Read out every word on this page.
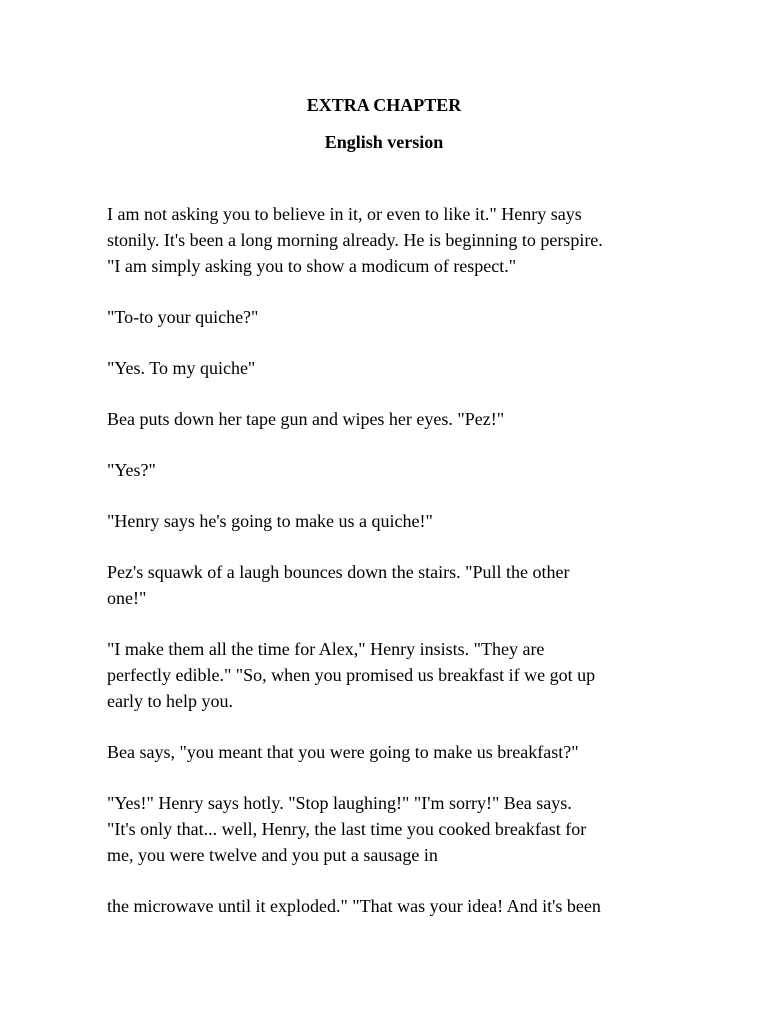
EXTRA CHAPTER
English version

I am not asking you to believe in it, or even to like it." Henry says
stonily. It's been a long morning already. He is beginning to perspire.
"I am simply asking you to show a modicum of respect."

"To-to your quiche?"

"Yes. To my quiche"

Bea puts down her tape gun and wipes her eyes. "Pez!"

"Yes?"

"Henry says he's going to make us a quiche!"

Pez's squawk of a laugh bounces down the stairs. "Pull the other
one!"

"I make them all the time for Alex," Henry insists. "They are
perfectly edible." "So, when you promised us breakfast if we got up
early to help you.

Bea says, "you meant that you were going to make us breakfast?"

"Yes!" Henry says hotly. "Stop laughing!" "I'm sorry!" Bea says.
"It's only that... well, Henry, the last time you cooked breakfast for
me, you were twelve and you put a sausage in

the microwave until it exploded." "That was your idea! And it's been
